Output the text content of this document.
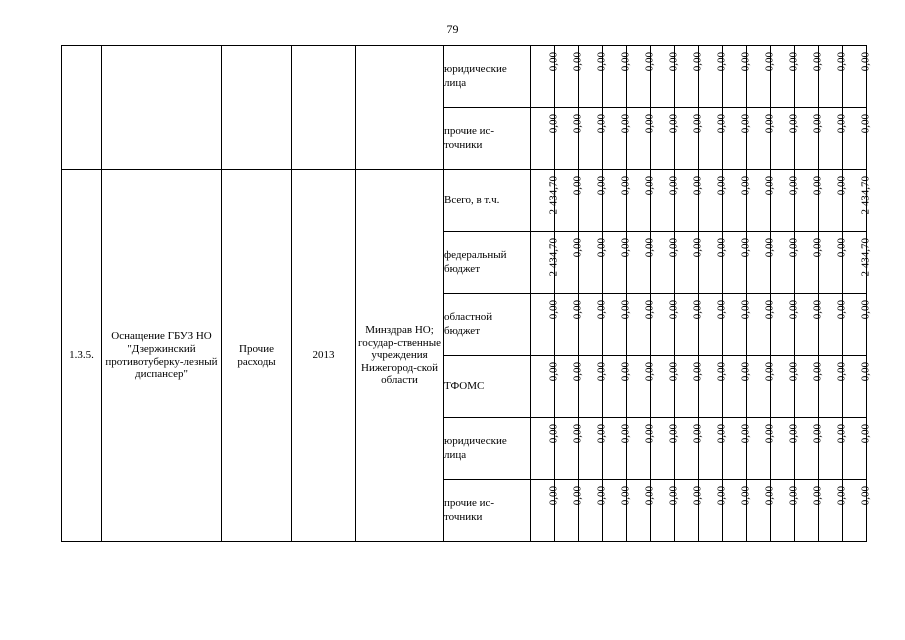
79
					юридические лица	0,00	0,00	0,00	0,00	0,00	0,00	0,00	0,00	0,00	0,00	0,00	0,00	0,00	0,00

					прочие ис-точники	0,00	0,00	0,00	0,00	0,00	0,00	0,00	0,00	0,00	0,00	0,00	0,00	0,00	0,00

1.3.5.	Оснащение ГБУЗ НО "Дзержинский противотуберку-лезный диспансер"	Прочие расходы	2013	Минздрав НО; государ-ственные учреждения Нижегород-ской области	Всего, в т.ч.	2 434,70	0,00	0,00	0,00	0,00	0,00	0,00	0,00	0,00	0,00	0,00	0,00	0,00	2 434,70

					федеральный бюджет	2 434,70	0,00	0,00	0,00	0,00	0,00	0,00	0,00	0,00	0,00	0,00	0,00	0,00	2 434,70

					областной бюджет	0,00	0,00	0,00	0,00	0,00	0,00	0,00	0,00	0,00	0,00	0,00	0,00	0,00	0,00

					ТФОМС	0,00	0,00	0,00	0,00	0,00	0,00	0,00	0,00	0,00	0,00	0,00	0,00	0,00	0,00

					юридические лица	0,00	0,00	0,00	0,00	0,00	0,00	0,00	0,00	0,00	0,00	0,00	0,00	0,00	0,00

					прочие ис-точники	0,00	0,00	0,00	0,00	0,00	0,00	0,00	0,00	0,00	0,00	0,00	0,00	0,00	0,00
